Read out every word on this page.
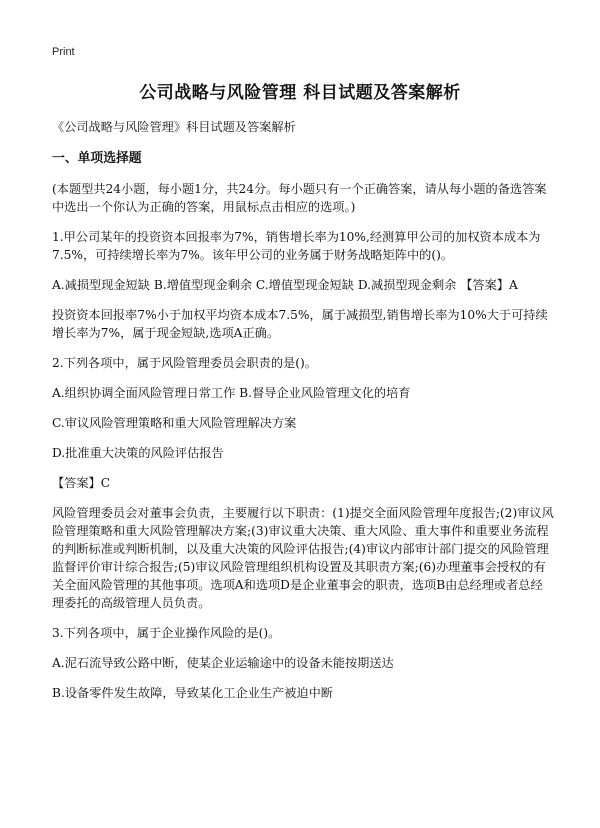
Print
公司战略与风险管理 科目试题及答案解析

《公司战略与风险管理》科目试题及答案解析

一、单项选择题

(本题型共24小题，每小题1分，共24分。每小题只有一个正确答案，请从每小题的备选答案中选出一个你认为正确的答案，用鼠标点击相应的选项。)

1.甲公司某年的投资资本回报率为7%，销售增长率为10%,经测算甲公司的加权资本成本为7.5%，可持续增长率为7%。该年甲公司的业务属于财务战略矩阵中的()。

A.减损型现金短缺 B.增值型现金剩余 C.增值型现金短缺 D.减损型现金剩余 【答案】A

投资资本回报率7%小于加权平均资本成本7.5%，属于减损型,销售增长率为10%大于可持续增长率为7%，属于现金短缺,选项A正确。

2.下列各项中，属于风险管理委员会职责的是()。

A.组织协调全面风险管理日常工作 B.督导企业风险管理文化的培育

C.审议风险管理策略和重大风险管理解决方案

D.批准重大决策的风险评估报告

【答案】C

风险管理委员会对董事会负责，主要履行以下职责：(1)提交全面风险管理年度报告;(2)审议风险管理策略和重大风险管理解决方案;(3)审议重大决策、重大风险、重大事件和重要业务流程的判断标准或判断机制，以及重大决策的风险评估报告;(4)审议内部审计部门提交的风险管理监督评价审计综合报告;(5)审议风险管理组织机构设置及其职责方案;(6)办理董事会授权的有关全面风险管理的其他事项。选项A和选项D是企业董事会的职责，选项B由总经理或者总经理委托的高级管理人员负责。

3.下列各项中，属于企业操作风险的是()。

A.泥石流导致公路中断，使某企业运输途中的设备未能按期送达

B.设备零件发生故障，导致某化工企业生产被迫中断
